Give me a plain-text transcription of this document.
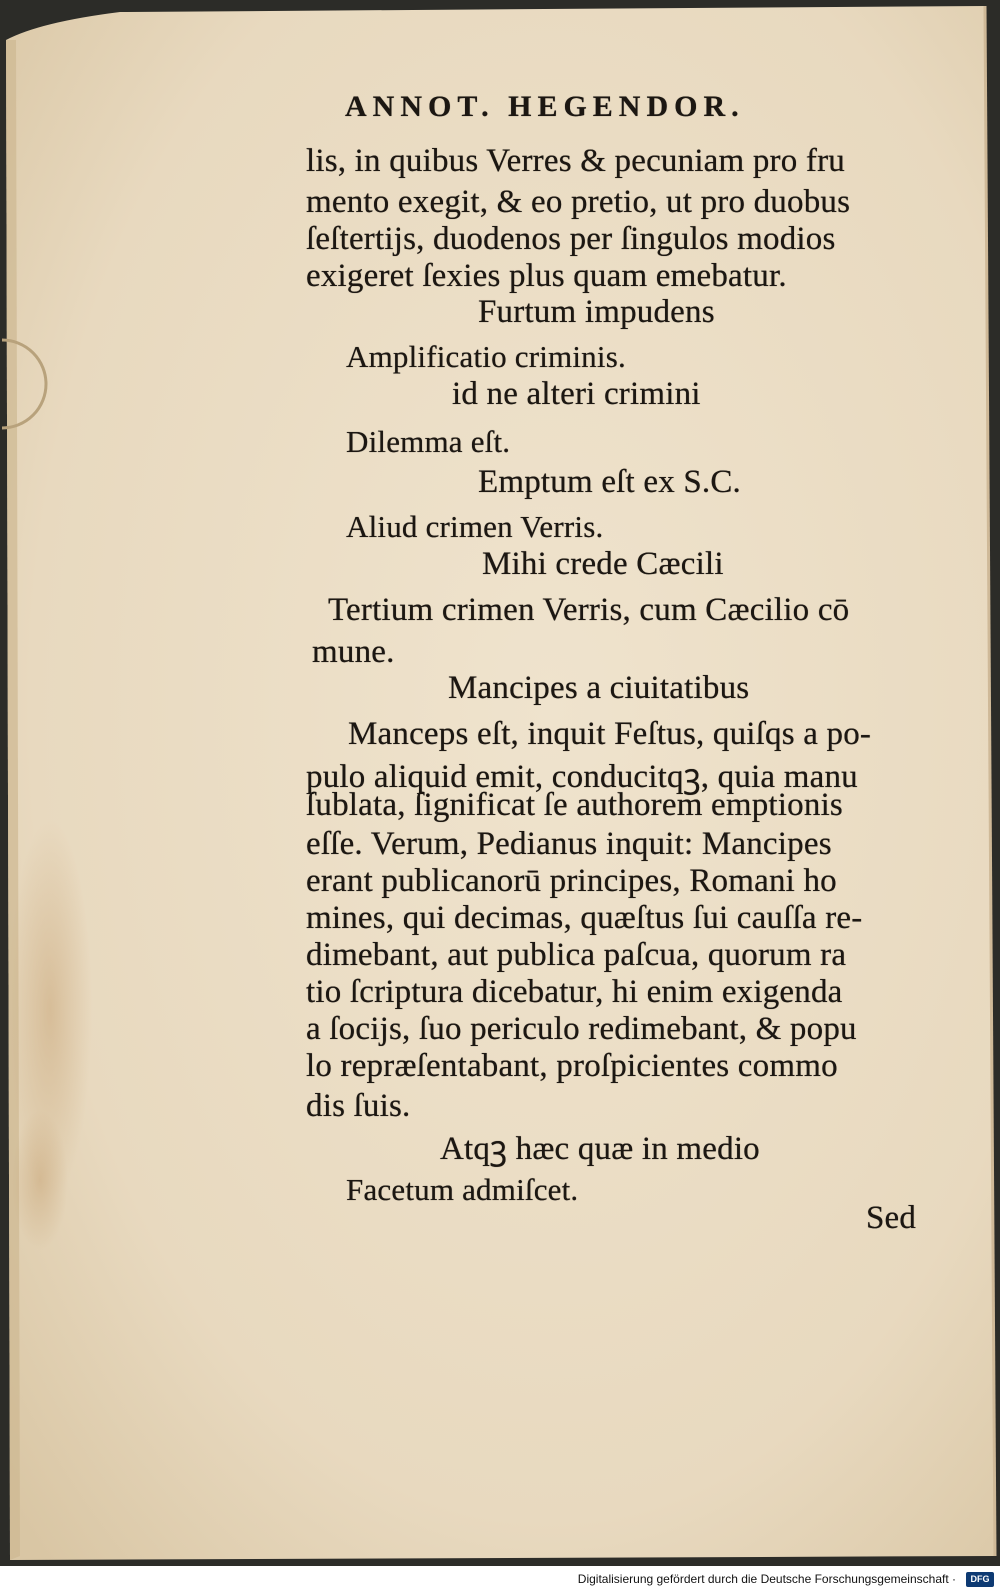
ANNOT. HEGENDOR.
lis, in quibus Verres & pecuniam pro fru
mento exegit, & eo pretio, ut pro duobus
ſeſtertijs, duodenos per ſingulos modios
exigeret ſexies plus quam emebatur.
Furtum impudens
Amplificatio criminis.
id ne alteri crimini
Dilemma eſt.
Emptum eſt ex S.C.
Aliud crimen Verris.
Mihi crede Cæcili
Tertium crimen Verris, cum Cæcilio cō
mune.
Mancipes a ciuitatibus
Manceps eſt, inquit Feſtus, quiſqs a po-
pulo aliquid emit, conducitqꝫ, quia manu
ſublata, ſignificat ſe authorem emptionis
eſſe. Verum, Pedianus inquit: Mancipes
erant publicanorū principes, Romani ho
mines, qui decimas, quæſtus ſui cauſſa re-
dimebant, aut publica paſcua, quorum ra
tio ſcriptura dicebatur, hi enim exigenda
a ſocijs, ſuo periculo redimebant, & popu
lo repræſentabant, proſpicientes commo
dis ſuis.
Atqꝫ hæc quæ in medio
Facetum admiſcet.
Sed
Digitalisierung gefördert durch die Deutsche Forschungsgemeinschaft ·	DFG
